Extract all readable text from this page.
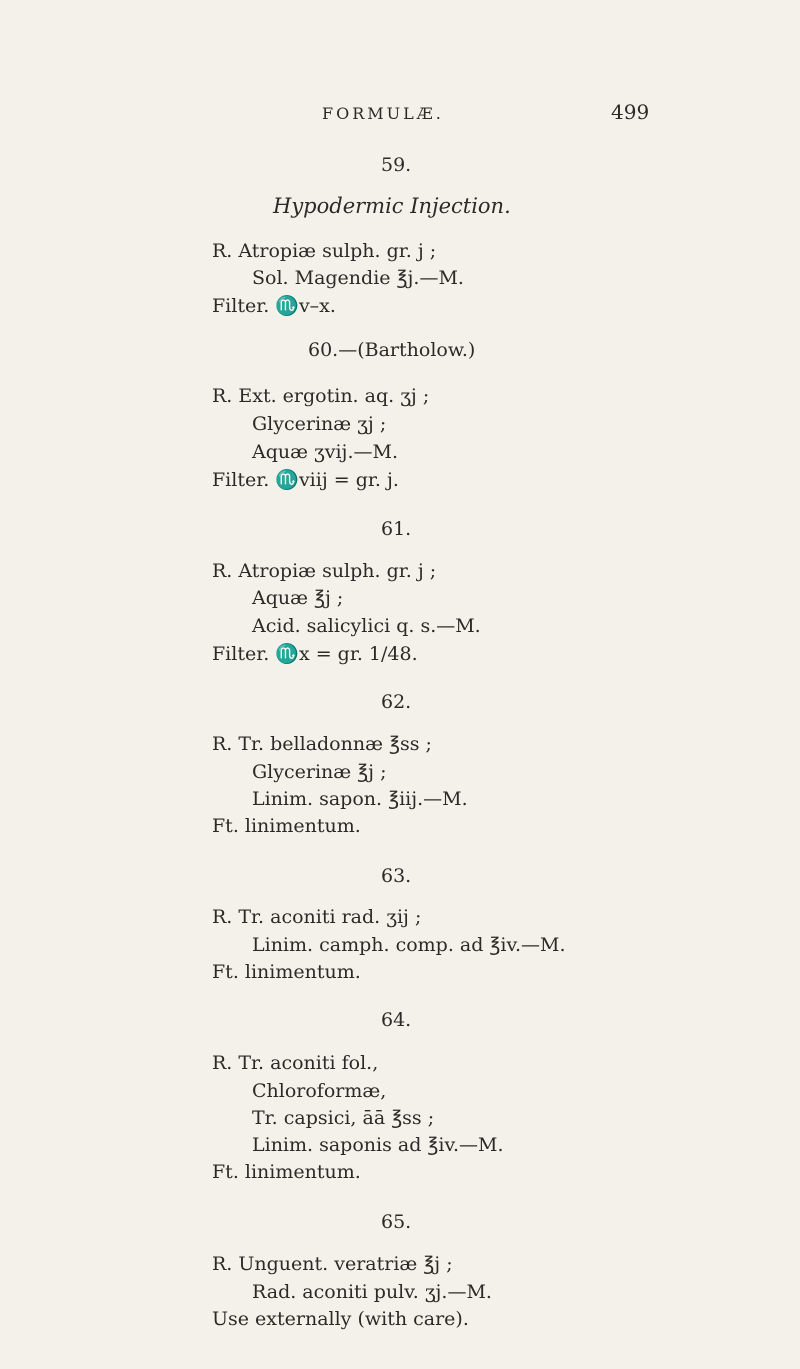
FORMULÆ.	499
59.
Hypodermic Injection.
R. Atropiæ sulph. gr. j ;
Sol. Magendie ℥j.—M.
Filter. ♏v–x.
60.—(Bartholow.)
R. Ext. ergotin. aq. ʒj ;
Glycerinæ ʒj ;
Aquæ ʒvij.—M.
Filter. ♏viij = gr. j.
61.
R. Atropiæ sulph. gr. j ;
Aquæ ℥j ;
Acid. salicylici q. s.—M.
Filter. ♏x = gr. 1/48.
62.
R. Tr. belladonnæ ℥ss ;
Glycerinæ ℥j ;
Linim. sapon. ℥iij.—M.
Ft. linimentum.
63.
R. Tr. aconiti rad. ʒij ;
Linim. camph. comp. ad ℥iv.—M.
Ft. linimentum.
64.
R. Tr. aconiti fol.,
Chloroformæ,
Tr. capsici, āā ℥ss ;
Linim. saponis ad ℥iv.—M.
Ft. linimentum.
65.
R. Unguent. veratriæ ℥j ;
Rad. aconiti pulv. ʒj.—M.
Use externally (with care).
